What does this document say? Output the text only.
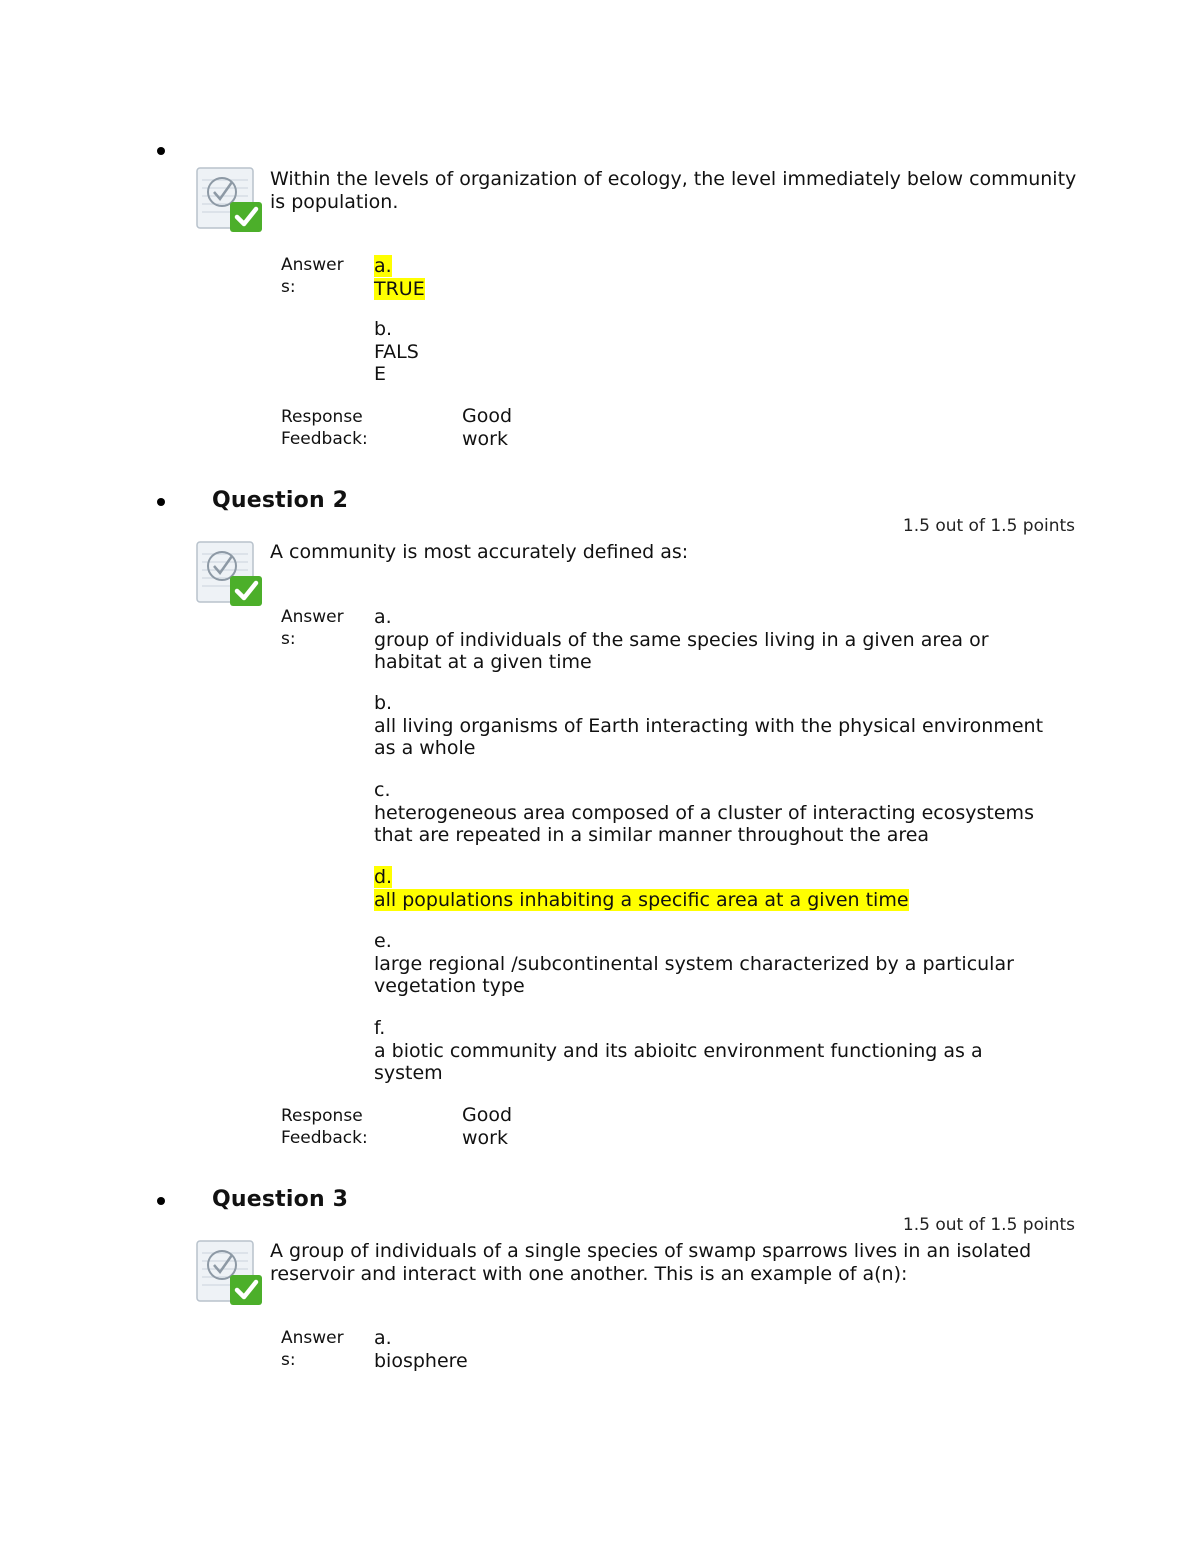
Within the levels of organization of ecology, the level immediately below community
is population.
Answer
s:
a.
TRUE
b.
FALS
E
Response
Feedback:
Good
work
Question 2
1.5 out of 1.5 points
A community is most accurately defined as:
Answer
s:
a.
group of individuals of the same species living in a given area or
habitat at a given time
b.
all living organisms of Earth interacting with the physical environment
as a whole
c.
heterogeneous area composed of a cluster of interacting ecosystems
that are repeated in a similar manner throughout the area
d.
all populations inhabiting a specific area at a given time
e.
large regional /subcontinental system characterized by a particular
vegetation type
f.
a biotic community and its abioitc environment functioning as a
system
Response
Feedback:
Good
work
Question 3
1.5 out of 1.5 points
A group of individuals of a single species of swamp sparrows lives in an isolated
reservoir and interact with one another. This is an example of a(n):
Answer
s:
a.
biosphere
